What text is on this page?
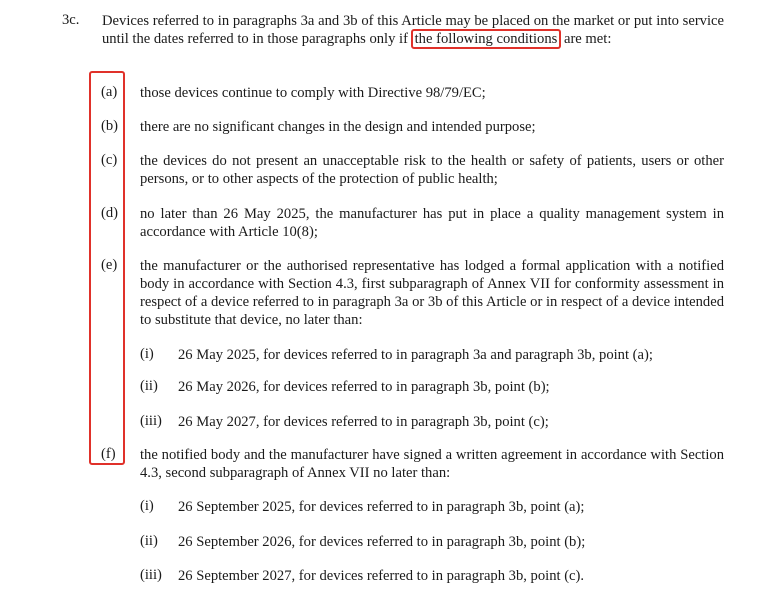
3c. Devices referred to in paragraphs 3a and 3b of this Article may be placed on the market or put into service until the dates referred to in those paragraphs only if the following conditions are met:
(a)	those devices continue to comply with Directive 98/79/EC;
(b)	there are no significant changes in the design and intended purpose;
(c)	the devices do not present an unacceptable risk to the health or safety of patients, users or other persons, or to other aspects of the protection of public health;
(d)	no later than 26 May 2025, the manufacturer has put in place a quality management system in accordance with Article 10(8);
(e)	the manufacturer or the authorised representative has lodged a formal application with a notified body in accordance with Section 4.3, first subparagraph of Annex VII for conformity assessment in respect of a device referred to in paragraph 3a or 3b of this Article or in respect of a device intended to substitute that device, no later than:
(i) 26 May 2025, for devices referred to in paragraph 3a and paragraph 3b, point (a);
(ii) 26 May 2026, for devices referred to in paragraph 3b, point (b);
(iii) 26 May 2027, for devices referred to in paragraph 3b, point (c);
(f)	the notified body and the manufacturer have signed a written agreement in accordance with Section 4.3, second subparagraph of Annex VII no later than:
(i) 26 September 2025, for devices referred to in paragraph 3b, point (a);
(ii) 26 September 2026, for devices referred to in paragraph 3b, point (b);
(iii) 26 September 2027, for devices referred to in paragraph 3b, point (c).
